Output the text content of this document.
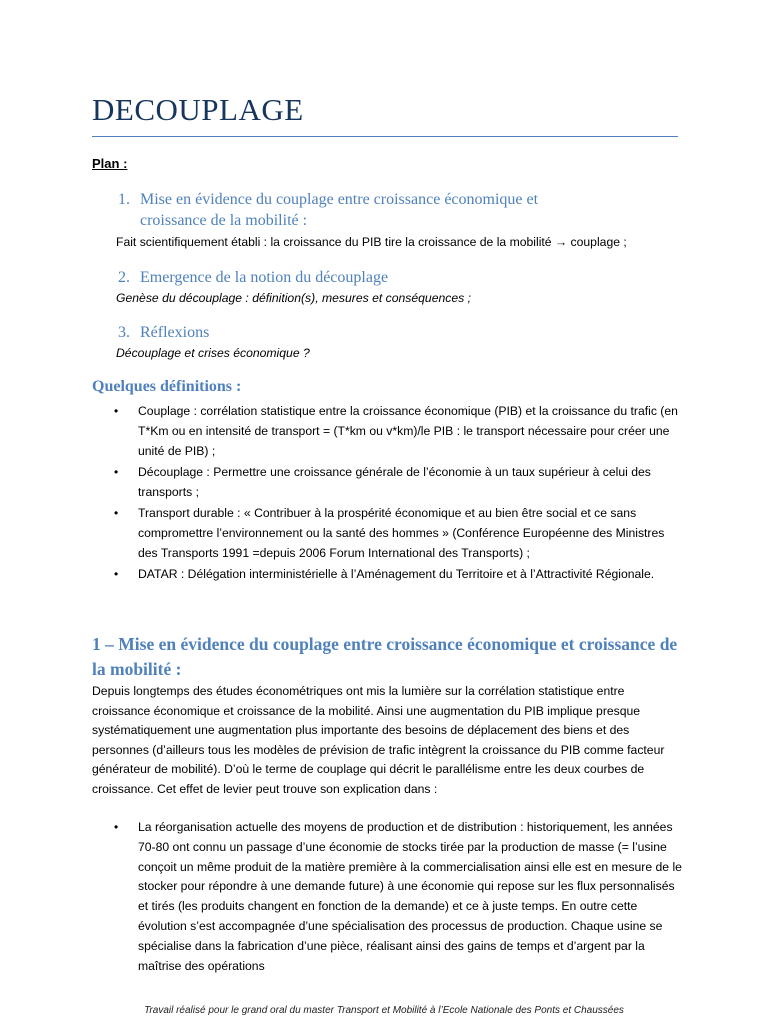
DECOUPLAGE
Plan :
1. Mise en évidence du couplage entre croissance économique et
croissance de la mobilité :
Fait scientifiquement établi : la croissance du PIB tire la croissance de la mobilité → couplage ;
2. Emergence de la notion du découplage
Genèse du découplage : définition(s), mesures et conséquences ;
3. Réflexions
Découplage et crises économique ?
Quelques définitions :
• Couplage : corrélation statistique entre la croissance économique (PIB) et la croissance du trafic (en T*Km ou en intensité de transport = (T*km ou v*km)/le PIB : le transport nécessaire pour créer une unité de PIB) ;
• Découplage : Permettre une croissance générale de l’économie à un taux supérieur à celui des transports ;
• Transport durable : « Contribuer à la prospérité économique et au bien être social et ce sans compromettre l’environnement ou la santé des hommes » (Conférence Européenne des Ministres des Transports 1991 =depuis 2006 Forum International des Transports) ;
• DATAR : Délégation interministérielle à l’Aménagement du Territoire et à l’Attractivité Régionale.
1 – Mise en évidence du couplage entre croissance économique et croissance de la mobilité :
Depuis longtemps des études économétriques ont mis la lumière sur la corrélation statistique entre croissance économique et croissance de la mobilité. Ainsi une augmentation du PIB implique presque systématiquement une augmentation plus importante des besoins de déplacement des biens et des personnes (d’ailleurs tous les modèles de prévision de trafic intègrent la croissance du PIB comme facteur générateur de mobilité). D’où le terme de couplage qui décrit le parallélisme entre les deux courbes de croissance. Cet effet de levier peut trouve son explication dans :
• La réorganisation actuelle des moyens de production et de distribution : historiquement, les années 70-80 ont connu un passage d’une économie de stocks tirée par la production de masse (= l’usine conçoit un même produit de la matière première à la commercialisation ainsi elle est en mesure de le stocker pour répondre à une demande future) à une économie qui repose sur les flux personnalisés et tirés (les produits changent en fonction de la demande) et ce à juste temps. En outre cette évolution s’est accompagnée d’une spécialisation des processus de production. Chaque usine se spécialise dans la fabrication d’une pièce, réalisant ainsi des gains de temps et d’argent par la maîtrise des opérations
Travail réalisé pour le grand oral du master Transport et Mobilité à l’Ecole Nationale des Ponts et Chaussées
